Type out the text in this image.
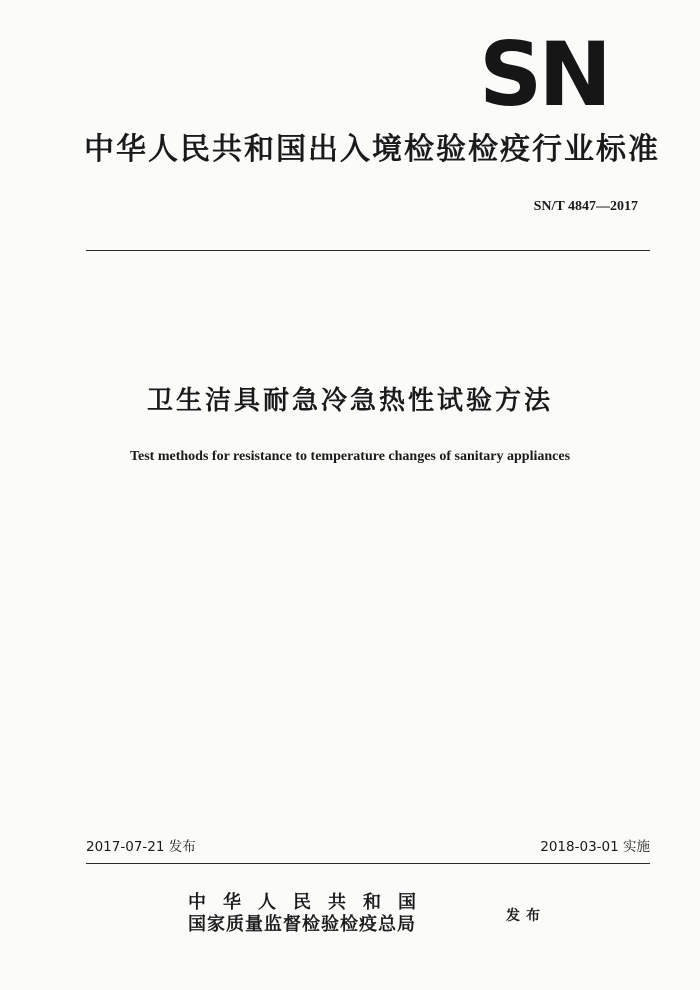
SN
中华人民共和国出入境检验检疫行业标准
SN/T 4847—2017
卫生洁具耐急冷急热性试验方法
Test methods for resistance to temperature changes of sanitary appliances
2017-07-21 发布	2018-03-01 实施
中华人民共和国
国家质量监督检验检疫总局	发布
